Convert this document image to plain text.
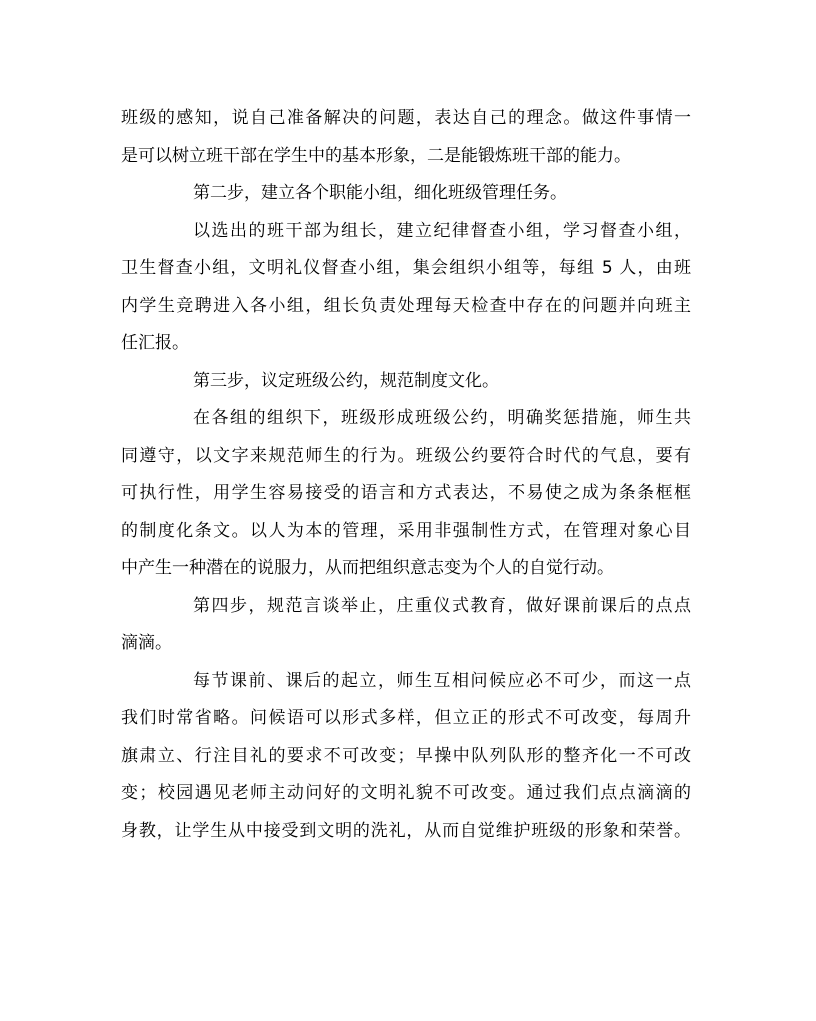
班级的感知，说自己准备解决的问题，表达自己的理念。做这件事情一
是可以树立班干部在学生中的基本形象，二是能锻炼班干部的能力。
第二步，建立各个职能小组，细化班级管理任务。
以选出的班干部为组长，建立纪律督查小组，学习督查小组，
卫生督查小组，文明礼仪督查小组，集会组织小组等，每组 5 人，由班
内学生竞聘进入各小组，组长负责处理每天检查中存在的问题并向班主
任汇报。
第三步，议定班级公约，规范制度文化。
在各组的组织下，班级形成班级公约，明确奖惩措施，师生共
同遵守，以文字来规范师生的行为。班级公约要符合时代的气息，要有
可执行性，用学生容易接受的语言和方式表达，不易使之成为条条框框
的制度化条文。以人为本的管理，采用非强制性方式，在管理对象心目
中产生一种潜在的说服力，从而把组织意志变为个人的自觉行动。
第四步，规范言谈举止，庄重仪式教育，做好课前课后的点点
滴滴。
每节课前、课后的起立，师生互相问候应必不可少，而这一点
我们时常省略。问候语可以形式多样，但立正的形式不可改变，每周升
旗肃立、行注目礼的要求不可改变；早操中队列队形的整齐化一不可改
变；校园遇见老师主动问好的文明礼貌不可改变。通过我们点点滴滴的
身教，让学生从中接受到文明的洗礼，从而自觉维护班级的形象和荣誉。
